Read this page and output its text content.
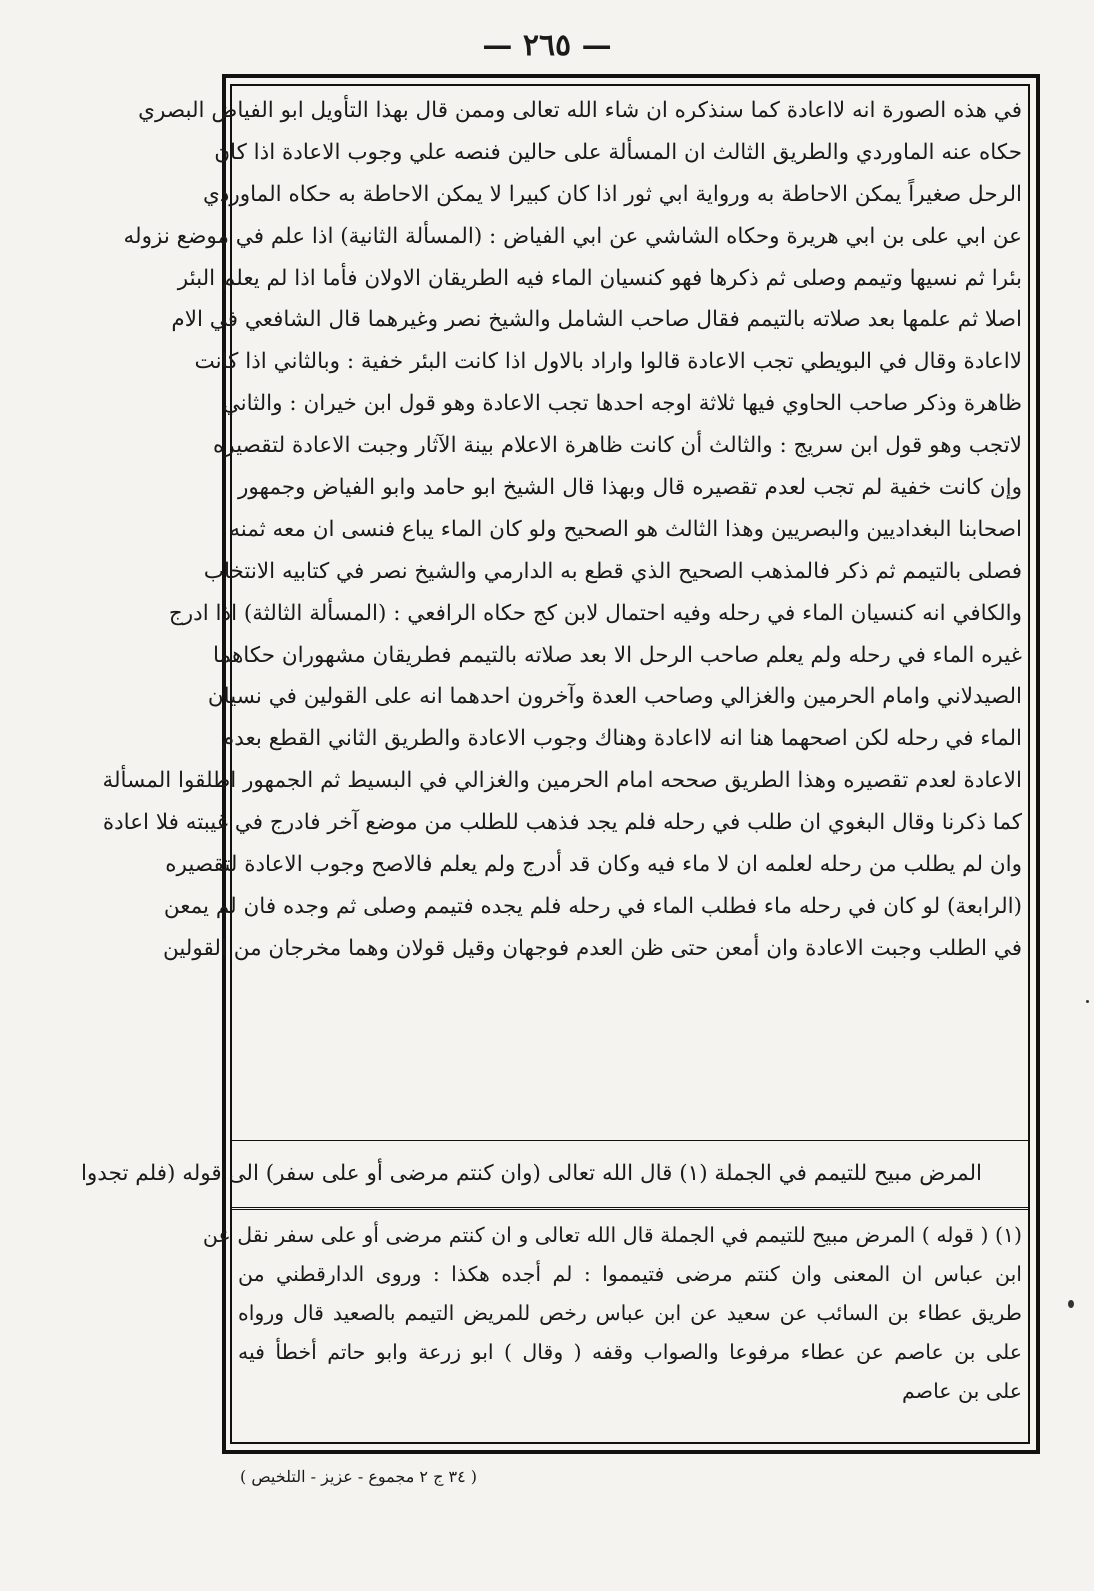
— ٢٦٥ —
في هذه الصورة انه لااعادة كما سنذكره ان شاء الله تعالى وممن قال بهذا التأويل ابو الفياض البصري
حكاه عنه الماوردي والطريق الثالث ان المسألة على حالين فنصه علي وجوب الاعادة اذا كان
الرحل صغيراً يمكن الاحاطة به ورواية ابي ثور اذا كان كبيرا لا يمكن الاحاطة به حكاه الماوردي
عن ابي على بن ابي هريرة وحكاه الشاشي عن ابي الفياض : (المسألة الثانية) اذا علم في موضع نزوله
بئرا ثم نسيها وتيمم وصلى ثم ذكرها فهو كنسيان الماء فيه الطريقان الاولان فأما اذا لم يعلم البئر
اصلا ثم علمها بعد صلاته بالتيمم فقال صاحب الشامل والشيخ نصر وغيرهما قال الشافعي في الام
لااعادة وقال في البويطي تجب الاعادة قالوا واراد بالاول اذا كانت البئر خفية : وبالثاني اذا كانت
ظاهرة وذكر صاحب الحاوي فيها ثلاثة اوجه احدها تجب الاعادة وهو قول ابن خيران : والثاني
لاتجب وهو قول ابن سريج : والثالث أن كانت ظاهرة الاعلام بينة الآثار وجبت الاعادة لتقصيره
وإن كانت خفية لم تجب لعدم تقصيره قال وبهذا قال الشيخ ابو حامد وابو الفياض وجمهور
اصحابنا البغداديين والبصريين وهذا الثالث هو الصحيح ولو كان الماء يباع فنسى ان معه ثمنه
فصلى بالتيمم ثم ذكر فالمذهب الصحيح الذي قطع به الدارمي والشيخ نصر في كتابيه الانتخاب
والكافي انه كنسيان الماء في رحله وفيه احتمال لابن كج حكاه الرافعي : (المسألة الثالثة) اذا ادرج
غيره الماء في رحله ولم يعلم صاحب الرحل الا بعد صلاته بالتيمم فطريقان مشهوران حكاهما
الصيدلاني وامام الحرمين والغزالي وصاحب العدة وآخرون احدهما انه على القولين في نسيان
الماء في رحله لكن اصحهما هنا انه لااعادة وهناك وجوب الاعادة والطريق الثاني القطع بعدم
الاعادة لعدم تقصيره وهذا الطريق صححه امام الحرمين والغزالي في البسيط ثم الجمهور اطلقوا المسألة
كما ذكرنا وقال البغوي ان طلب في رحله فلم يجد فذهب للطلب من موضع آخر فادرج في غيبته فلا اعادة
وان لم يطلب من رحله لعلمه ان لا ماء فيه وكان قد أدرج ولم يعلم فالاصح وجوب الاعادة لتقصيره
(الرابعة) لو كان في رحله ماء فطلب الماء في رحله فلم يجده فتيمم وصلى ثم وجده فان لم يمعن
في الطلب وجبت الاعادة وان أمعن حتى ظن العدم فوجهان وقيل قولان وهما مخرجان من القولين
المرض مبيح للتيمم في الجملة (١) قال الله تعالى (وان كنتم مرضى أو على سفر) الى قوله (فلم تجدوا
(١) ( قوله ) المرض مبيح للتيمم في الجملة قال الله تعالى و ان كنتم مرضى أو على سفر نقل عن
ابن عباس ان المعنى وان كنتم مرضى فتيمموا : لم أجده هكذا : وروى الدارقطني من
طريق عطاء بن السائب عن سعيد عن ابن عباس رخص للمريض التيمم بالصعيد قال ورواه
على بن عاصم عن عطاء مرفوعا والصواب وقفه ( وقال ) ابو زرعة وابو حاتم أخطأ فيه
على بن عاصم
( ٣٤ ج ٢ مجموع - عزيز - التلخيص )
